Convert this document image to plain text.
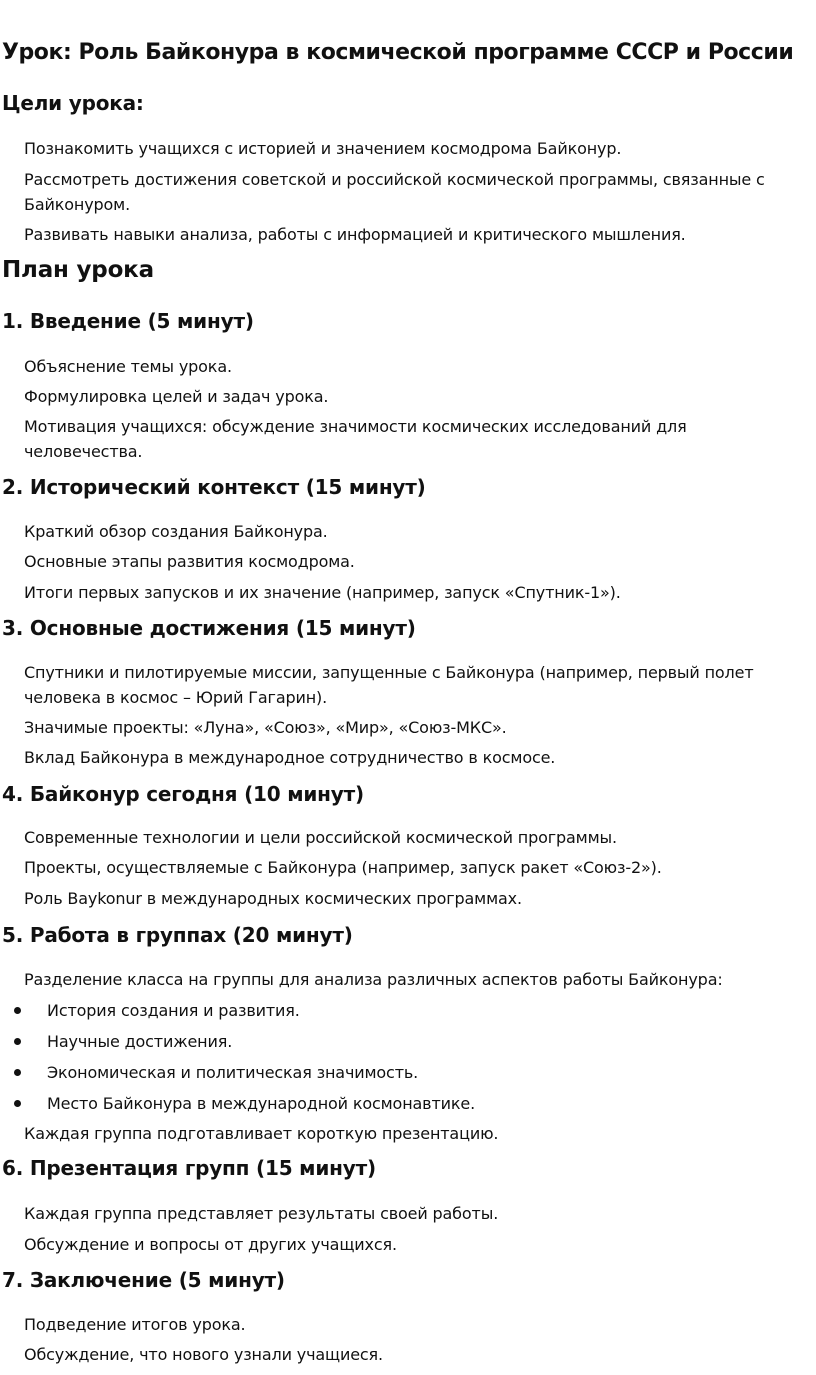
Урок: Роль Байконура в космической программе СССР и России
Цели урока:
Познакомить учащихся с историей и значением космодрома Байконур.
Рассмотреть достижения советской и российской космической программы, связанные с Байконуром.
Развивать навыки анализа, работы с информацией и критического мышления.
План урока
1. Введение (5 минут)
Объяснение темы урока.
Формулировка целей и задач урока.
Мотивация учащихся: обсуждение значимости космических исследований для человечества.
2. Исторический контекст (15 минут)
Краткий обзор создания Байконура.
Основные этапы развития космодрома.
Итоги первых запусков и их значение (например, запуск «Спутник-1»).
3. Основные достижения (15 минут)
Спутники и пилотируемые миссии, запущенные с Байконура (например, первый полет человека в космос – Юрий Гагарин).
Значимые проекты: «Луна», «Союз», «Мир», «Союз-МКС».
Вклад Байконура в международное сотрудничество в космосе.
4. Байконур сегодня (10 минут)
Современные технологии и цели российской космической программы.
Проекты, осуществляемые с Байконура (например, запуск ракет «Союз-2»).
Роль Baykonur в международных космических программах.
5. Работа в группах (20 минут)
Разделение класса на группы для анализа различных аспектов работы Байконура:
История создания и развития.
Научные достижения.
Экономическая и политическая значимость.
Место Байконура в международной космонавтике.
Каждая группа подготавливает короткую презентацию.
6. Презентация групп (15 минут)
Каждая группа представляет результаты своей работы.
Обсуждение и вопросы от других учащихся.
7. Заключение (5 минут)
Подведение итогов урока.
Обсуждение, что нового узнали учащиеся.
